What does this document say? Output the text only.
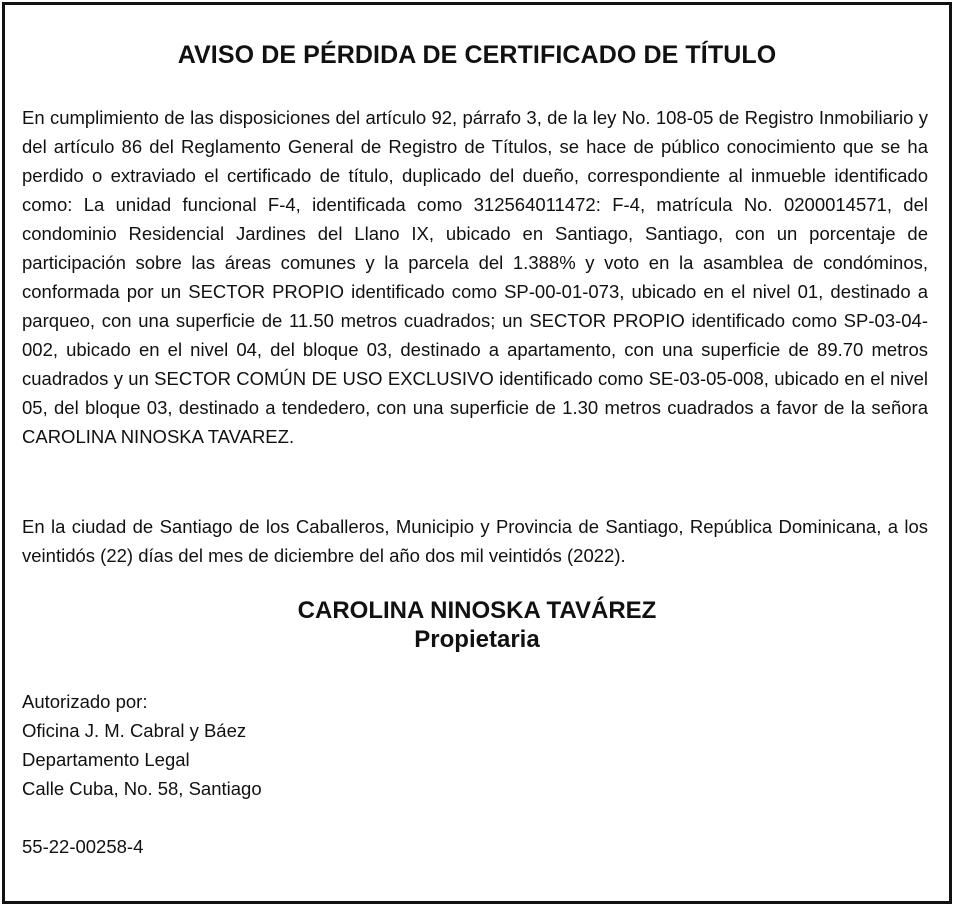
AVISO DE PÉRDIDA DE CERTIFICADO DE TÍTULO

En cumplimiento de las disposiciones del artículo 92, párrafo 3, de la ley No. 108-05 de Registro Inmobiliario y del artículo 86 del Reglamento General de Registro de Títulos, se hace de público conocimiento que se ha perdido o extraviado el certificado de título, duplicado del dueño, correspondiente al inmueble identificado como: La unidad funcional F-4, identificada como 312564011472: F-4, matrícula No. 0200014571, del condominio Residencial Jardines del Llano IX, ubicado en Santiago, Santiago, con un porcentaje de participación sobre las áreas comunes y la parcela del 1.388% y voto en la asamblea de condóminos, conformada por un SECTOR PROPIO identificado como SP-00-01-073, ubicado en el nivel 01, destinado a parqueo, con una superficie de 11.50 metros cuadrados; un SECTOR PROPIO identificado como SP-03-04-002, ubicado en el nivel 04, del bloque 03, destinado a apartamento, con una superficie de 89.70 metros cuadrados y un SECTOR COMÚN DE USO EXCLUSIVO identificado como SE-03-05-008, ubicado en el nivel 05, del bloque 03, destinado a tendedero, con una superficie de 1.30 metros cuadrados a favor de la señora CAROLINA NINOSKA TAVAREZ.

En la ciudad de Santiago de los Caballeros, Municipio y Provincia de Santiago, República Dominicana, a los veintidós (22) días del mes de diciembre del año dos mil veintidós (2022).

CAROLINA NINOSKA TAVÁREZ
Propietaria
Autorizado por:
Oficina J. M. Cabral y Báez
Departamento Legal
Calle Cuba, No. 58, Santiago
55-22-00258-4
